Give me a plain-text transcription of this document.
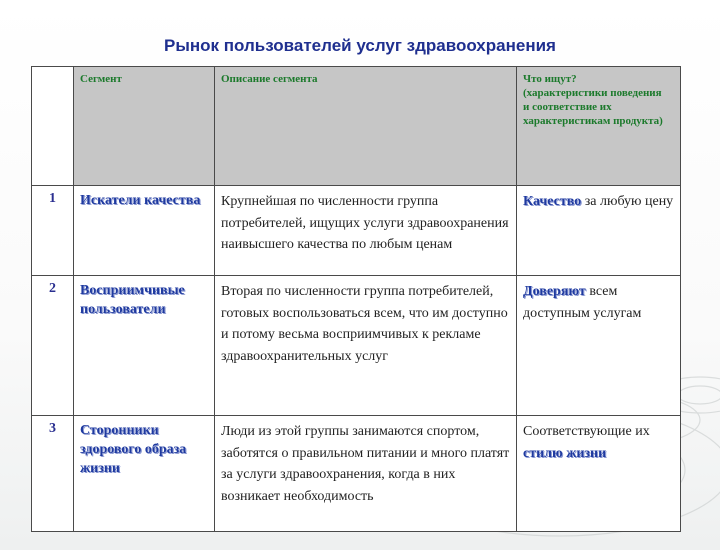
Рынок пользователей услуг здравоохранения

	Сегмент	Описание сегмента	Что ищут?
(характеристики поведения
и соответствие их характеристикам продукта)

1	Искатели качества	Крупнейшая по численности группа потребителей, ищущих услуги здравоохранения наивысшего качества по любым ценам	Качество за любую цену

2	Восприимчивые пользователи	Вторая по численности группа потребителей, готовых воспользоваться всем, что им доступно и потому весьма восприимчивых к рекламе здравоохранительных услуг	Доверяют всем доступным услугам

3	Сторонники здорового образа жизни	Люди из этой группы занимаются спортом, заботятся о правильном питании и много платят за услуги здравоохранения, когда в них возникает необходимость	Соответствующие их стилю жизни
